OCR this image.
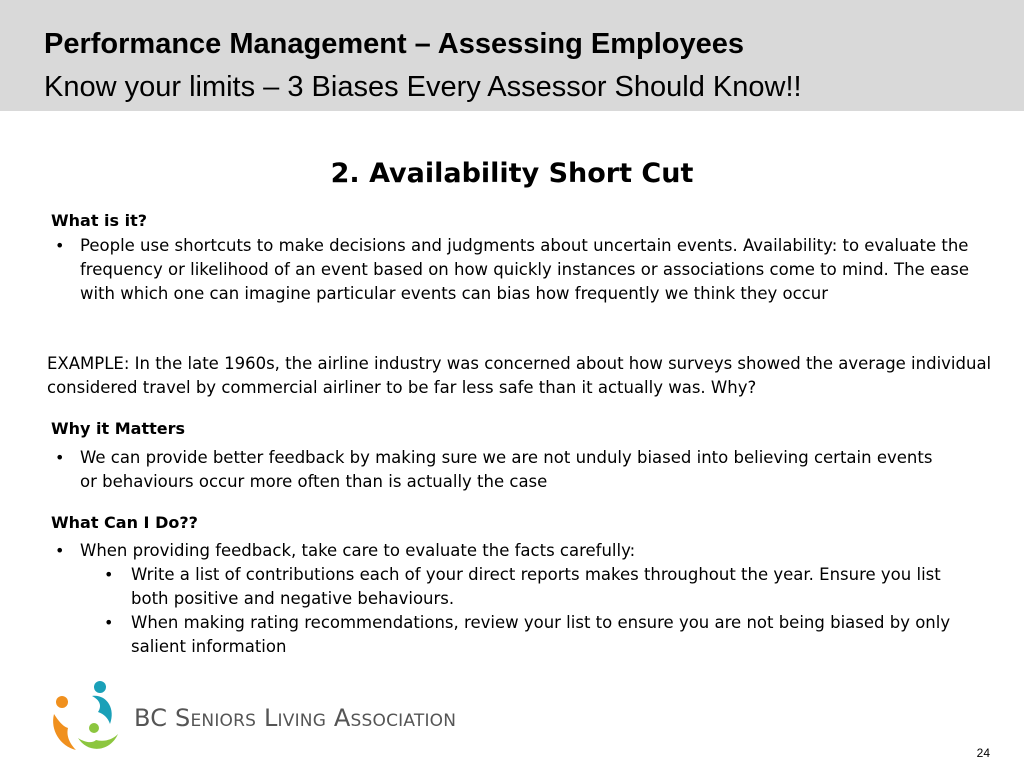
Performance Management – Assessing Employees
Know your limits – 3 Biases Every Assessor Should Know!!
2. Availability Short Cut
What is it?
• People use shortcuts to make decisions and judgments about uncertain events. Availability: to evaluate the frequency or likelihood of an event based on how quickly instances or associations come to mind. The ease with which one can imagine particular events can bias how frequently we think they occur
EXAMPLE: In the late 1960s, the airline industry was concerned about how surveys showed the average individual considered travel by commercial airliner to be far less safe than it actually was. Why?
Why it Matters
• We can provide better feedback by making sure we are not unduly biased into believing certain events or behaviours occur more often than is actually the case
What Can I Do??
• When providing feedback, take care to evaluate the facts carefully:
• Write a list of contributions each of your direct reports makes throughout the year. Ensure you list both positive and negative behaviours.
• When making rating recommendations, review your list to ensure you are not being biased by only salient information
BC Seniors Living Association
24
